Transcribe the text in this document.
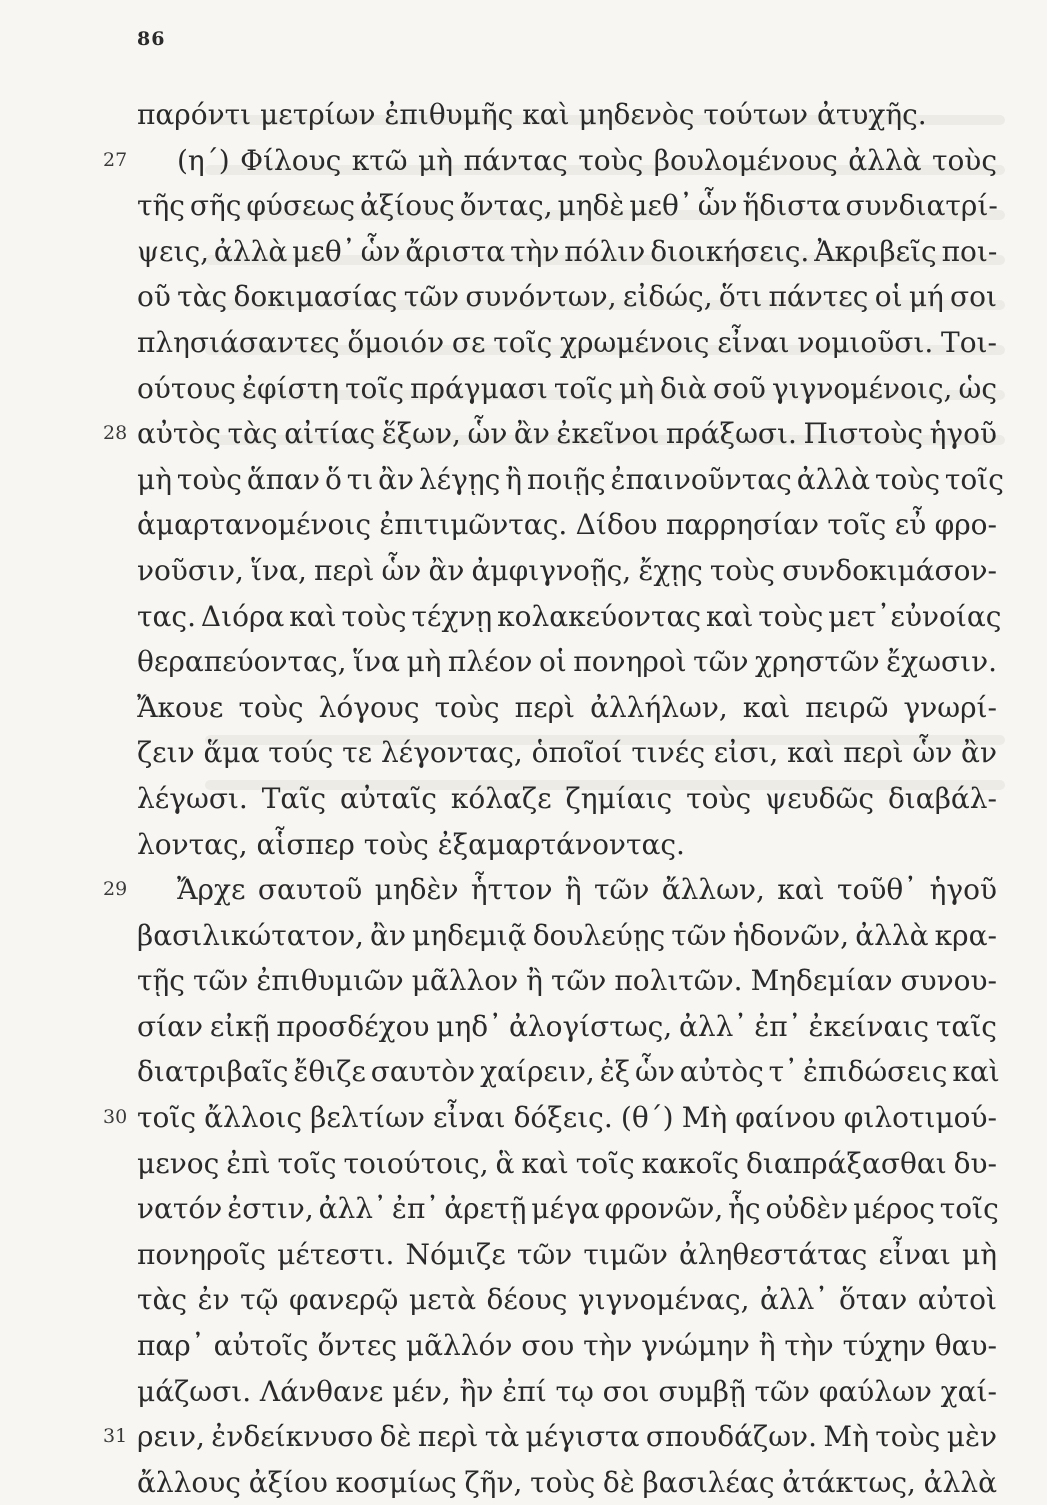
86
παρόντι μετρίων ἐπιθυμῆς καὶ μηδενὸς τούτων ἀτυχῆς.
27 (η΄) Φίλους κτῶ μὴ πάντας τοὺς βουλομένους ἀλλὰ τοὺς
τῆς σῆς φύσεως ἀξίους ὄντας, μηδὲ μεθ᾽ ὧν ἥδιστα συνδιατρί-
ψεις, ἀλλὰ μεθ᾽ ὧν ἄριστα τὴν πόλιν διοικήσεις. Ἀκριβεῖς ποι-
οῦ τὰς δοκιμασίας τῶν συνόντων, εἰδώς, ὅτι πάντες οἱ μή σοι
πλησιάσαντες ὅμοιόν σε τοῖς χρωμένοις εἶναι νομιοῦσι. Τοι-
ούτους ἐφίστη τοῖς πράγμασι τοῖς μὴ διὰ σοῦ γιγνομένοις, ὡς
28 αὐτὸς τὰς αἰτίας ἕξων, ὧν ἂν ἐκεῖνοι πράξωσι. Πιστοὺς ἡγοῦ
μὴ τοὺς ἅπαν ὅ τι ἂν λέγῃς ἢ ποιῇς ἐπαινοῦντας ἀλλὰ τοὺς τοῖς
ἁμαρτανομένοις ἐπιτιμῶντας. Δίδου παρρησίαν τοῖς εὖ φρο-
νοῦσιν, ἵνα, περὶ ὧν ἂν ἀμφιγνοῇς, ἔχῃς τοὺς συνδοκιμάσον-
τας. Διόρα καὶ τοὺς τέχνῃ κολακεύοντας καὶ τοὺς μετ᾽εὐνοίας
θεραπεύοντας, ἵνα μὴ πλέον οἱ πονηροὶ τῶν χρηστῶν ἔχωσιν.
Ἄκουε τοὺς λόγους τοὺς περὶ ἀλλήλων, καὶ πειρῶ γνωρί-
ζειν ἅμα τούς τε λέγοντας, ὁποῖοί τινές εἰσι, καὶ περὶ ὧν ἂν
λέγωσι. Ταῖς αὐταῖς κόλαζε ζημίαις τοὺς ψευδῶς διαβάλ-
λοντας, αἷσπερ τοὺς ἐξαμαρτάνοντας.
29 Ἄρχε σαυτοῦ μηδὲν ἧττον ἢ τῶν ἄλλων, καὶ τοῦθ᾽ ἡγοῦ
βασιλικώτατον, ἂν μηδεμιᾷ δουλεύῃς τῶν ἡδονῶν, ἀλλὰ κρα-
τῇς τῶν ἐπιθυμιῶν μᾶλλον ἢ τῶν πολιτῶν. Μηδεμίαν συνου-
σίαν εἰκῇ προσδέχου μηδ᾽ ἀλογίστως, ἀλλ᾽ ἐπ᾽ ἐκείναις ταῖς
διατριβαῖς ἔθιζε σαυτὸν χαίρειν, ἐξ ὧν αὐτὸς τ᾽ ἐπιδώσεις καὶ
30 τοῖς ἄλλοις βελτίων εἶναι δόξεις. (θ΄) Μὴ φαίνου φιλοτιμού-
μενος ἐπὶ τοῖς τοιούτοις, ἃ καὶ τοῖς κακοῖς διαπράξασθαι δυ-
νατόν ἐστιν, ἀλλ᾽ ἐπ᾽ ἀρετῇ μέγα φρονῶν, ἧς οὐδὲν μέρος τοῖς
πονηροῖς μέτεστι. Νόμιζε τῶν τιμῶν ἀληθεστάτας εἶναι μὴ
τὰς ἐν τῷ φανερῷ μετὰ δέους γιγνομένας, ἀλλ᾽ ὅταν αὐτοὶ
παρ᾽ αὐτοῖς ὄντες μᾶλλόν σου τὴν γνώμην ἢ τὴν τύχην θαυ-
μάζωσι. Λάνθανε μέν, ἢν ἐπί τῳ σοι συμβῇ τῶν φαύλων χαί-
31 ρειν, ἐνδείκνυσο δὲ περὶ τὰ μέγιστα σπουδάζων. Μὴ τοὺς μὲν
ἄλλους ἀξίου κοσμίως ζῆν, τοὺς δὲ βασιλέας ἀτάκτως, ἀλλὰ
